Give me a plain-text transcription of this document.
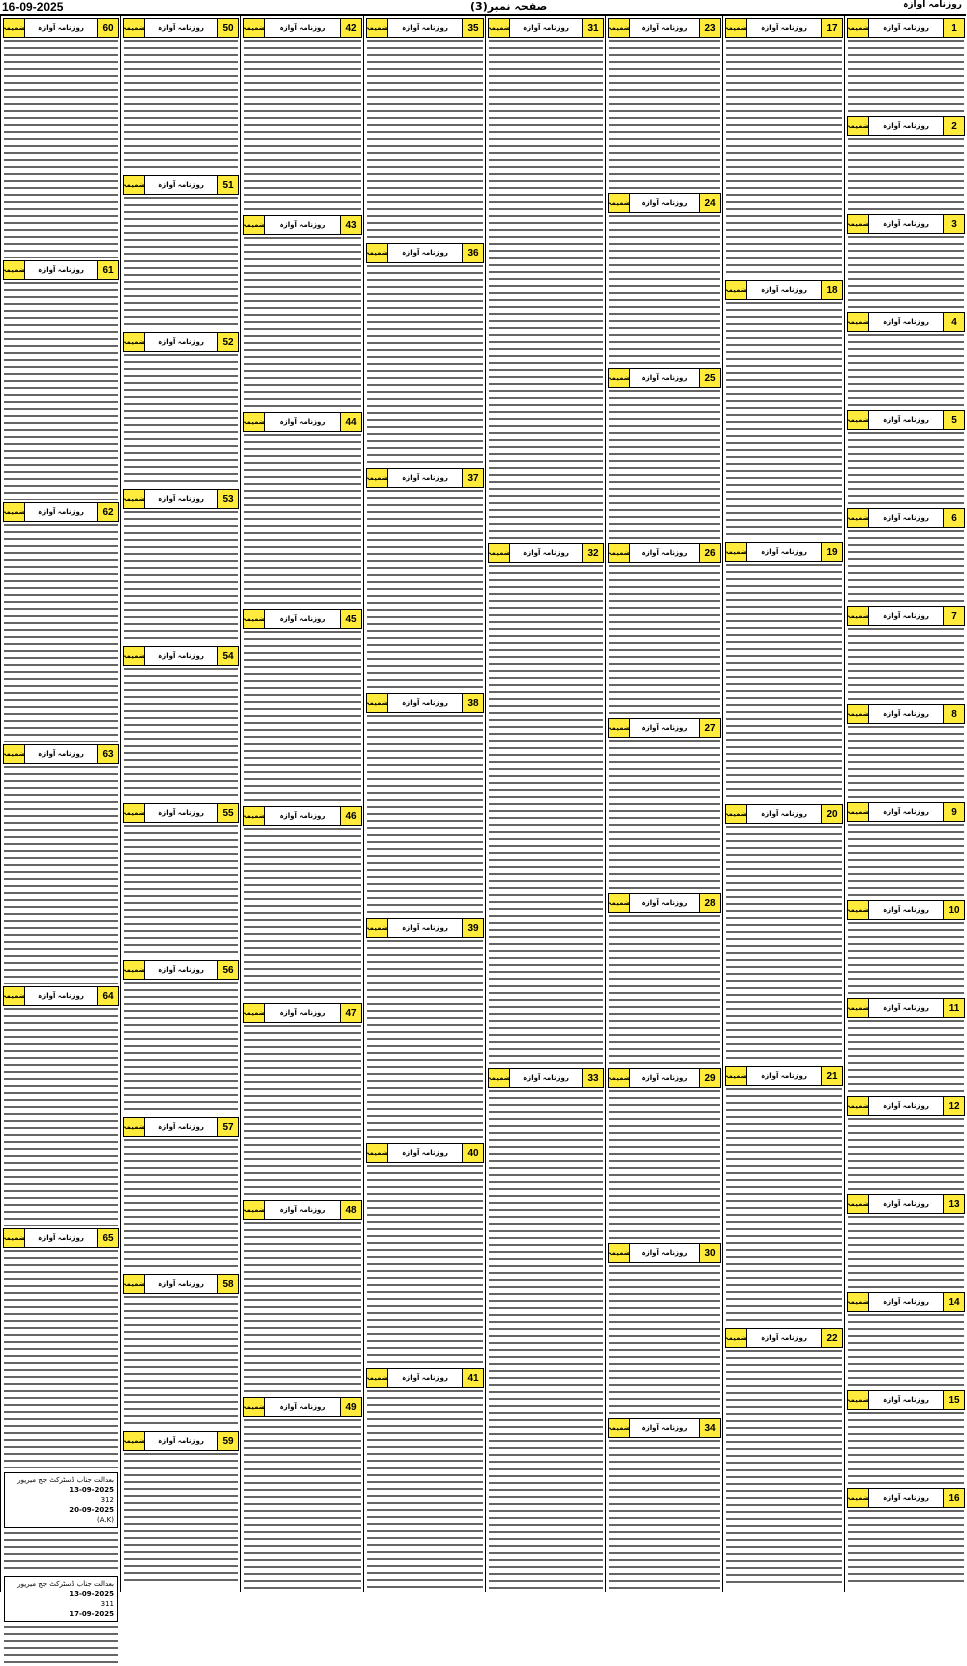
16-09-2025	صفحہ نمبر(3)	روزنامہ آوازہ
ضمیمہ	روزنامہ آوازہ	1
ضمیمہ	روزنامہ آوازہ	2
ضمیمہ	روزنامہ آوازہ	3
ضمیمہ	روزنامہ آوازہ	4
ضمیمہ	روزنامہ آوازہ	5
ضمیمہ	روزنامہ آوازہ	6
ضمیمہ	روزنامہ آوازہ	7
ضمیمہ	روزنامہ آوازہ	8
ضمیمہ	روزنامہ آوازہ	9
ضمیمہ	روزنامہ آوازہ	10
ضمیمہ	روزنامہ آوازہ	11
ضمیمہ	روزنامہ آوازہ	12
ضمیمہ	روزنامہ آوازہ	13
ضمیمہ	روزنامہ آوازہ	14
ضمیمہ	روزنامہ آوازہ	15
ضمیمہ	روزنامہ آوازہ	16
ضمیمہ	روزنامہ آوازہ	17
ضمیمہ	روزنامہ آوازہ	18
ضمیمہ	روزنامہ آوازہ	19
ضمیمہ	روزنامہ آوازہ	20
ضمیمہ	روزنامہ آوازہ	21
ضمیمہ	روزنامہ آوازہ	22
ضمیمہ	روزنامہ آوازہ	23
ضمیمہ	روزنامہ آوازہ	24
ضمیمہ	روزنامہ آوازہ	25
ضمیمہ	روزنامہ آوازہ	26
ضمیمہ	روزنامہ آوازہ	27
ضمیمہ	روزنامہ آوازہ	28
ضمیمہ	روزنامہ آوازہ	29
ضمیمہ	روزنامہ آوازہ	30
ضمیمہ	روزنامہ آوازہ	34
ضمیمہ	روزنامہ آوازہ	31
ضمیمہ	روزنامہ آوازہ	32
ضمیمہ	روزنامہ آوازہ	33
ضمیمہ	روزنامہ آوازہ	35
ضمیمہ	روزنامہ آوازہ	36
ضمیمہ	روزنامہ آوازہ	37
ضمیمہ	روزنامہ آوازہ	38
ضمیمہ	روزنامہ آوازہ	39
ضمیمہ	روزنامہ آوازہ	40
ضمیمہ	روزنامہ آوازہ	41
ضمیمہ	روزنامہ آوازہ	42
ضمیمہ	روزنامہ آوازہ	43
ضمیمہ	روزنامہ آوازہ	44
ضمیمہ	روزنامہ آوازہ	45
ضمیمہ	روزنامہ آوازہ	46
ضمیمہ	روزنامہ آوازہ	47
ضمیمہ	روزنامہ آوازہ	48
ضمیمہ	روزنامہ آوازہ	49
ضمیمہ	روزنامہ آوازہ	50
ضمیمہ	روزنامہ آوازہ	51
ضمیمہ	روزنامہ آوازہ	52
ضمیمہ	روزنامہ آوازہ	53
ضمیمہ	روزنامہ آوازہ	54
ضمیمہ	روزنامہ آوازہ	55
ضمیمہ	روزنامہ آوازہ	56
ضمیمہ	روزنامہ آوازہ	57
ضمیمہ	روزنامہ آوازہ	58
ضمیمہ	روزنامہ آوازہ	59
ضمیمہ	روزنامہ آوازہ	60
ضمیمہ	روزنامہ آوازہ	61
ضمیمہ	روزنامہ آوازہ	62
ضمیمہ	روزنامہ آوازہ	63
ضمیمہ	روزنامہ آوازہ	64
ضمیمہ	روزنامہ آوازہ	65
بعدالت جناب ڈسٹرکٹ جج میرپور
13-09-2025
312
20-09-2025
(A.K)
بعدالت جناب ڈسٹرکٹ جج میرپور
13-09-2025
311
17-09-2025
